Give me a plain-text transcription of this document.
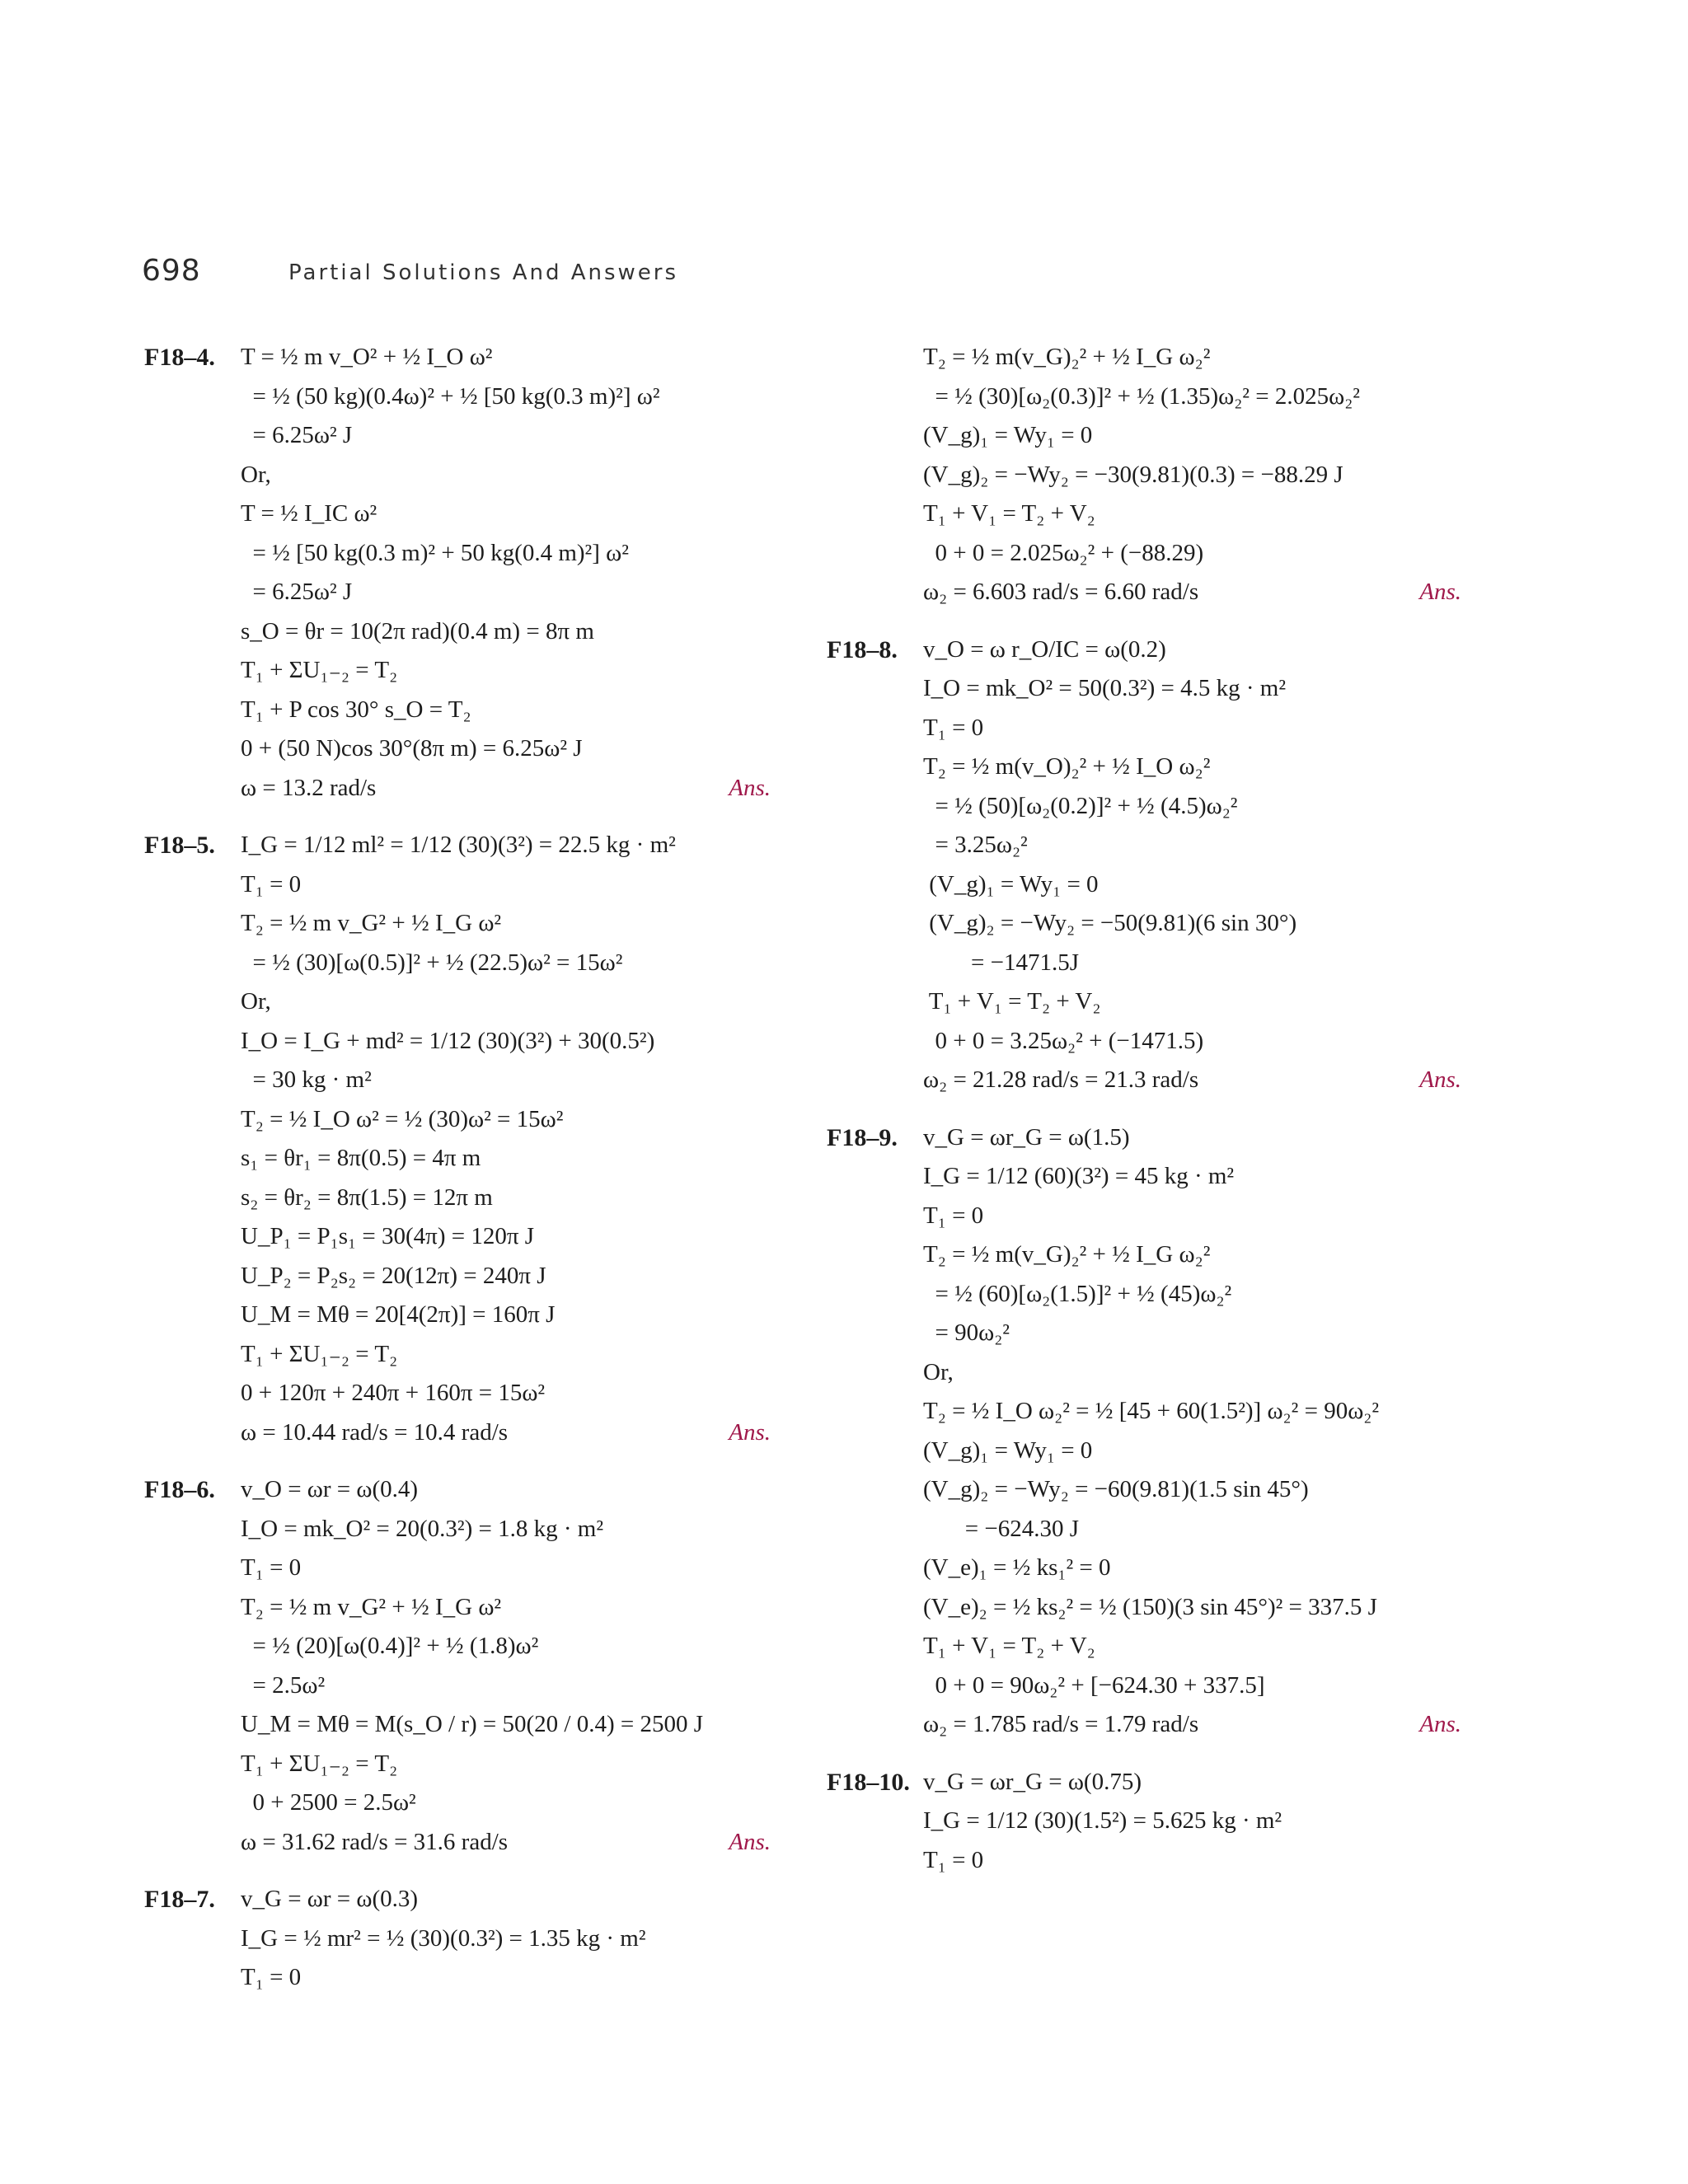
698	Partial Solutions And Answers
F18–4. T = ½ m v_O² + ½ I_O ω²
= ½ (50 kg)(0.4ω)² + ½ [50 kg(0.3 m)²] ω²
= 6.25ω² J
Or,
T = ½ I_IC ω²
= ½ [50 kg(0.3 m)² + 50 kg(0.4 m)²] ω²
= 6.25ω² J
s_O = θr = 10(2π rad)(0.4 m) = 8π m
T₁ + ΣU₁₋₂ = T₂
T₁ + P cos 30° s_O = T₂
0 + (50 N)cos 30°(8π m) = 6.25ω² J
ω = 13.2 rad/s	Ans.
F18–5. I_G = 1/12 ml² = 1/12 (30)(3²) = 22.5 kg · m²
T₁ = 0
T₂ = ½ m v_G² + ½ I_G ω²
= ½ (30)[ω(0.5)]² + ½ (22.5)ω² = 15ω²
Or,
I_O = I_G + md² = 1/12 (30)(3²) + 30(0.5²)
= 30 kg · m²
T₂ = ½ I_O ω² = ½ (30)ω² = 15ω²
s₁ = θr₁ = 8π(0.5) = 4π m
s₂ = θr₂ = 8π(1.5) = 12π m
U_P₁ = P₁s₁ = 30(4π) = 120π J
U_P₂ = P₂s₂ = 20(12π) = 240π J
U_M = Mθ = 20[4(2π)] = 160π J
T₁ + ΣU₁₋₂ = T₂
0 + 120π + 240π + 160π = 15ω²
ω = 10.44 rad/s = 10.4 rad/s	Ans.
F18–6. v_O = ωr = ω(0.4)
I_O = mk_O² = 20(0.3²) = 1.8 kg · m²
T₁ = 0
T₂ = ½ m v_G² + ½ I_G ω²
= ½ (20)[ω(0.4)]² + ½ (1.8)ω²
= 2.5ω²
U_M = Mθ = M(s_O / r) = 50(20 / 0.4) = 2500 J
T₁ + ΣU₁₋₂ = T₂
0 + 2500 = 2.5ω²
ω = 31.62 rad/s = 31.6 rad/s	Ans.
F18–7. v_G = ωr = ω(0.3)
I_G = ½ mr² = ½ (30)(0.3²) = 1.35 kg · m²
T₁ = 0
T₂ = ½ m(v_G)₂² + ½ I_G ω₂²
= ½ (30)[ω₂(0.3)]² + ½ (1.35)ω₂² = 2.025ω₂²
(V_g)₁ = Wy₁ = 0
(V_g)₂ = −Wy₂ = −30(9.81)(0.3) = −88.29 J
T₁ + V₁ = T₂ + V₂
0 + 0 = 2.025ω₂² + (−88.29)
ω₂ = 6.603 rad/s = 6.60 rad/s	Ans.
F18–8. v_O = ω r_O/IC = ω(0.2)
I_O = mk_O² = 50(0.3²) = 4.5 kg · m²
T₁ = 0
T₂ = ½ m(v_O)₂² + ½ I_O ω₂²
= ½ (50)[ω₂(0.2)]² + ½ (4.5)ω₂²
= 3.25ω₂²
(V_g)₁ = Wy₁ = 0
(V_g)₂ = −Wy₂ = −50(9.81)(6 sin 30°)
= −1471.5J
T₁ + V₁ = T₂ + V₂
0 + 0 = 3.25ω₂² + (−1471.5)
ω₂ = 21.28 rad/s = 21.3 rad/s	Ans.
F18–9. v_G = ωr_G = ω(1.5)
I_G = 1/12 (60)(3²) = 45 kg · m²
T₁ = 0
T₂ = ½ m(v_G)₂² + ½ I_G ω₂²
= ½ (60)[ω₂(1.5)]² + ½ (45)ω₂²
= 90ω₂²
Or,
T₂ = ½ I_O ω₂² = ½ [45 + 60(1.5²)] ω₂² = 90ω₂²
(V_g)₁ = Wy₁ = 0
(V_g)₂ = −Wy₂ = −60(9.81)(1.5 sin 45°)
= −624.30 J
(V_e)₁ = ½ ks₁² = 0
(V_e)₂ = ½ ks₂² = ½ (150)(3 sin 45°)² = 337.5 J
T₁ + V₁ = T₂ + V₂
0 + 0 = 90ω₂² + [−624.30 + 337.5]
ω₂ = 1.785 rad/s = 1.79 rad/s	Ans.
F18–10. v_G = ωr_G = ω(0.75)
I_G = 1/12 (30)(1.5²) = 5.625 kg · m²
T₁ = 0
